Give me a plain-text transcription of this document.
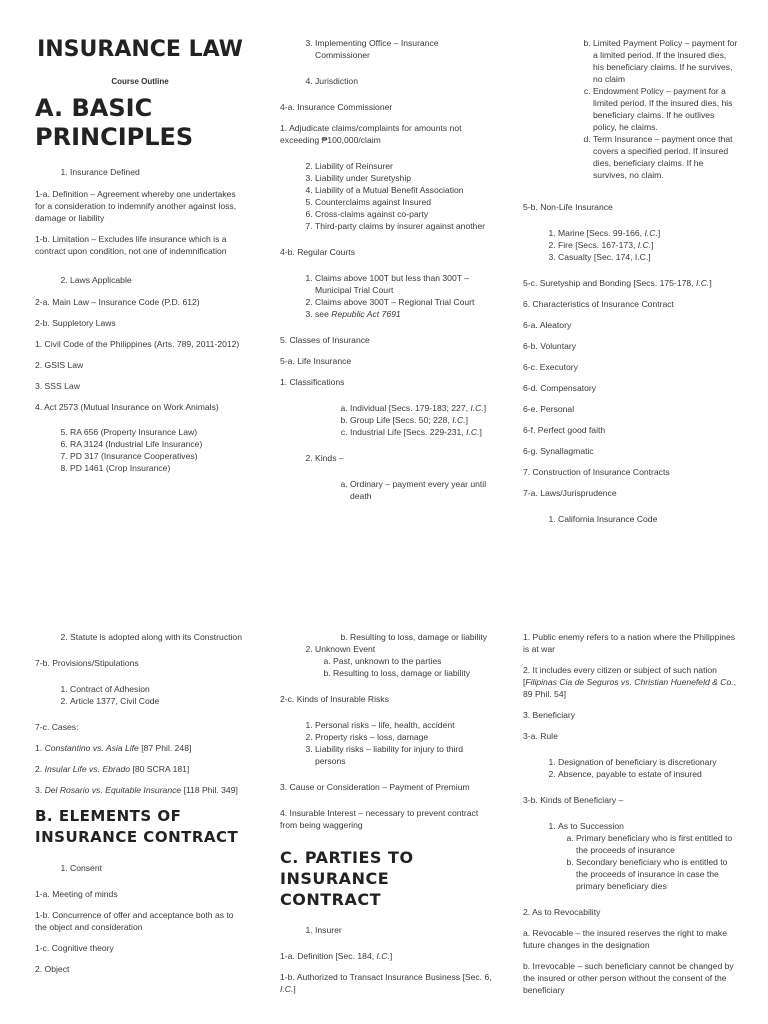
INSURANCE LAW
Course Outline
A. BASIC PRINCIPLES
1. Insurance Defined

1-a. Definition – Agreement whereby one undertakes for a consideration to indemnify another against loss, damage or liability

1-b. Limitation – Excludes life insurance which is a contract upon condition, not one of indemnification

2. Laws Applicable

2-a. Main Law – Insurance Code (P.D. 612)

2-b. Suppletory Laws

1. Civil Code of the Philippines (Arts. 789, 2011-2012)

2. GSIS Law

3. SSS Law

4. Act 2573 (Mutual Insurance on Work Animals)

5. RA 656 (Property Insurance Law)
6. RA 3124 (Industrial Life Insurance)
7. PD 317 (Insurance Cooperatives)
8. PD 1461 (Crop Insurance)
3. Implementing Office – Insurance Commissioner
4. Jurisdiction

4-a. Insurance Commissioner

1. Adjudicate claims/complaints for amounts not exceeding ₱100,000/claim

2. Liability of Reinsurer
3. Liability under Suretyship
4. Liability of a Mutual Benefit Association
5. Counterclaims against Insured
6. Cross-claims against co-party
7. Third-party claims by insurer against another

4-b. Regular Courts

1. Claims above 100T but less than 300T – Municipal Trial Court
2. Claims above 300T – Regional Trial Court
3. see Republic Act 7691

5. Classes of Insurance

5-a. Life Insurance

1. Classifications

a. Individual [Secs. 179-183; 227, I.C.]
b. Group Life [Secs. 50; 228, I.C.]
c. Industrial Life [Secs. 229-231, I.C.]
2. Kinds –
a. Ordinary – payment every year until death
b. Limited Payment Policy – payment for a limited period. If the insured dies, his beneficiary claims. If he survives, no claim
c. Endowment Policy – payment for a limited period. If the insured dies, his beneficiary claims. If he outlives policy, he claims.
d. Term Insurance – payment once that covers a specified period. If insured dies, beneficiary claims. If he survives, no claim.

5-b. Non-Life Insurance

1. Marine [Secs. 99-166, I.C.]
2. Fire [Secs. 167-173, I.C.]
3. Casualty [Sec. 174, I.C.]

5-c. Suretyship and Bonding [Secs. 175-178, I.C.]

6. Characteristics of Insurance Contract

6-a. Aleatory

6-b. Voluntary

6-c. Executory

6-d. Compensatory

6-e. Personal

6-f. Perfect good faith

6-g. Synallagmatic

7. Construction of Insurance Contracts

7-a. Laws/Jurisprudence

1. California Insurance Code
2. Statute is adopted along with its Construction

7-b. Provisions/Stipulations

1. Contract of Adhesion
2. Article 1377, Civil Code

7-c. Cases:

1. Constantino vs. Asia Life [87 Phil. 248]

2. Insular Life vs. Ebrado [80 SCRA 181]

3. Del Rosario vs. Equitable Insurance [118 Phil. 349]

B. ELEMENTS OF INSURANCE CONTRACT
1. Consent

1-a. Meeting of minds

1-b. Concurrence of offer and acceptance both as to the object and consideration

1-c. Cognitive theory

2. Object

b. Resulting to loss, damage or liability
2. Unknown Event
a. Past, unknown to the parties
b. Resulting to loss, damage or liability

2-c. Kinds of Insurable Risks

1. Personal risks – life, health, accident
2. Property risks – loss, damage
3. Liability risks – liability for injury to third persons

3. Cause or Consideration – Payment of Premium

4. Insurable Interest – necessary to prevent contract from being waggering

C. PARTIES TO INSURANCE CONTRACT
1. Insurer

1-a. Definition [Sec. 184, I.C.]

1-b. Authorized to Transact Insurance Business [Sec. 6, I.C.]

1. Public enemy refers to a nation where the Philippines is at war

2. It includes every citizen or subject of such nation [Filipinas Cia de Seguros vs. Christian Huenefeld & Co., 89 Phil. 54]

3. Beneficiary

3-a. Rule

1. Designation of beneficiary is discretionary
2. Absence, payable to estate of insured

3-b. Kinds of Beneficiary –

1. As to Succession
a. Primary beneficiary who is first entitled to the proceeds of insurance
b. Secondary beneficiary who is entitled to the proceeds of insurance in case the primary beneficiary dies

2. As to Revocability

a. Revocable – the insured reserves the right to make future changes in the designation

b. Irrevocable – such beneficiary cannot be changed by the insured or other person without the consent of the beneficiary
